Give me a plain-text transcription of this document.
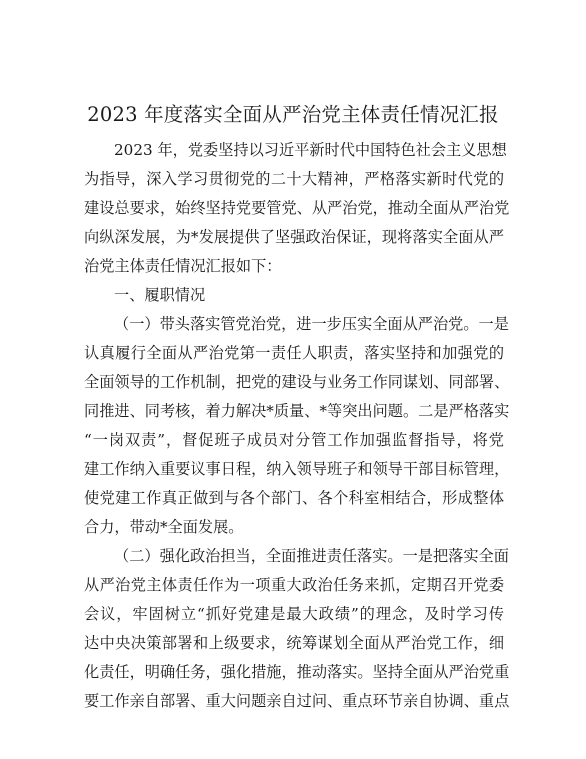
2023 年度落实全面从严治党主体责任情况汇报
2023 年，党委坚持以习近平新时代中国特色社会主义思想
为指导，深入学习贯彻党的二十大精神，严格落实新时代党的
建设总要求，始终坚持党要管党、从严治党，推动全面从严治党
向纵深发展，为*发展提供了坚强政治保证，现将落实全面从严
治党主体责任情况汇报如下：
一、履职情况
（一）带头落实管党治党，进一步压实全面从严治党。一是
认真履行全面从严治党第一责任人职责，落实坚持和加强党的
全面领导的工作机制，把党的建设与业务工作同谋划、同部署、
同推进、同考核，着力解决*质量、*等突出问题。二是严格落实
“一岗双责”，督促班子成员对分管工作加强监督指导，将党
建工作纳入重要议事日程，纳入领导班子和领导干部目标管理，
使党建工作真正做到与各个部门、各个科室相结合，形成整体
合力，带动*全面发展。
（二）强化政治担当，全面推进责任落实。一是把落实全面
从严治党主体责任作为一项重大政治任务来抓，定期召开党委
会议，牢固树立“抓好党建是最大政绩”的理念，及时学习传
达中央决策部署和上级要求，统筹谋划全面从严治党工作，细
化责任，明确任务，强化措施，推动落实。坚持全面从严治党重
要工作亲自部署、重大问题亲自过问、重点环节亲自协调、重点
